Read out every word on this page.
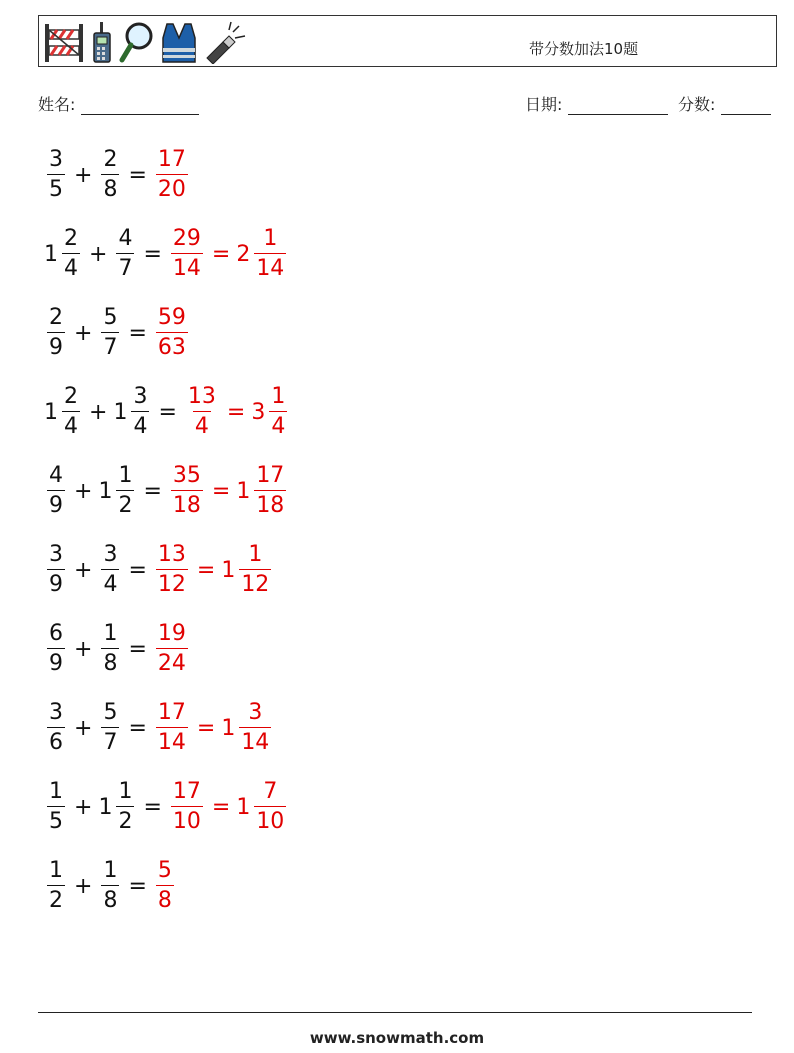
带分数加法10题
姓名:	日期:	分数:
$\frac{3}{5} + \frac{2}{8} = \frac{17}{20}$
$1 \frac{2}{4} + \frac{4}{7} = \frac{29}{14} = 2 \frac{1}{14}$
$\frac{2}{9} + \frac{5}{7} = \frac{59}{63}$
$1 \frac{2}{4} + 1 \frac{3}{4} = \frac{13}{4} = 3 \frac{1}{4}$
$\frac{4}{9} + 1 \frac{1}{2} = \frac{35}{18} = 1 \frac{17}{18}$
$\frac{3}{9} + \frac{3}{4} = \frac{13}{12} = 1 \frac{1}{12}$
$\frac{6}{9} + \frac{1}{8} = \frac{19}{24}$
$\frac{3}{6} + \frac{5}{7} = \frac{17}{14} = 1 \frac{3}{14}$
$\frac{1}{5} + 1 \frac{1}{2} = \frac{17}{10} = 1 \frac{7}{10}$
$\frac{1}{2} + \frac{1}{8} = \frac{5}{8}$
www.snowmath.com
